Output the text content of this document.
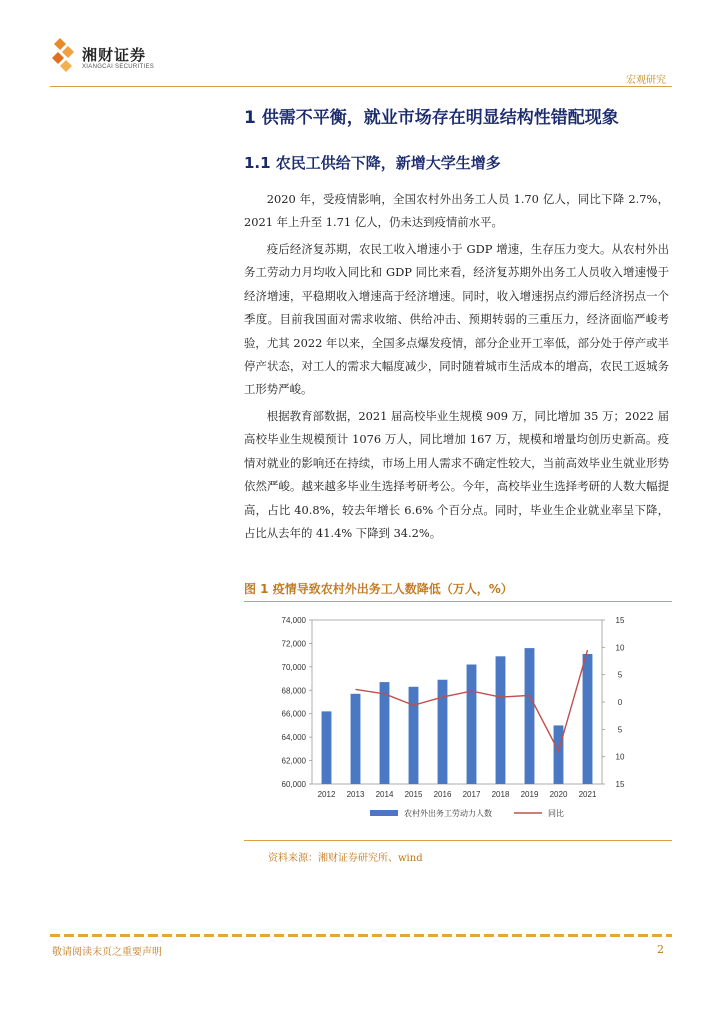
湘财证券
XIANGCAI SECURITIES
宏观研究
1 供需不平衡，就业市场存在明显结构性错配现象
1.1 农民工供给下降，新增大学生增多

2020 年，受疫情影响，全国农村外出务工人员 1.70 亿人，同比下降 2.7%，2021 年上升至 1.71 亿人，仍未达到疫情前水平。

疫后经济复苏期，农民工收入增速小于 GDP 增速，生存压力变大。从农村外出务工劳动力月均收入同比和 GDP 同比来看，经济复苏期外出务工人员收入增速慢于经济增速，平稳期收入增速高于经济增速。同时，收入增速拐点约滞后经济拐点一个季度。目前我国面对需求收缩、供给冲击、预期转弱的三重压力，经济面临严峻考验，尤其 2022 年以来，全国多点爆发疫情，部分企业开工率低，部分处于停产或半停产状态，对工人的需求大幅度减少，同时随着城市生活成本的增高，农民工返城务工形势严峻。

根据教育部数据，2021 届高校毕业生规模 909 万，同比增加 35 万；2022 届高校毕业生规模预计 1076 万人，同比增加 167 万，规模和增量均创历史新高。疫情对就业的影响还在持续，市场上用人需求不确定性较大，当前高效毕业生就业形势依然严峻。越来越多毕业生选择考研考公。今年，高校毕业生选择考研的人数大幅提高，占比 40.8%，较去年增长 6.6% 个百分点。同时，毕业生企业就业率呈下降，占比从去年的 41.4% 下降到 34.2%。

图 1 疫情导致农村外出务工人数降低（万人，%）
74,000
72,000
70,000
68,000
66,000
64,000
62,000
60,000
15
10
5
0
5
10
15
2012 2013 2014 2015 2016 2017 2018 2019 2020 2021
农村外出务工劳动力人数	同比
资料来源：湘财证券研究所、wind
敬请阅读末页之重要声明	2
